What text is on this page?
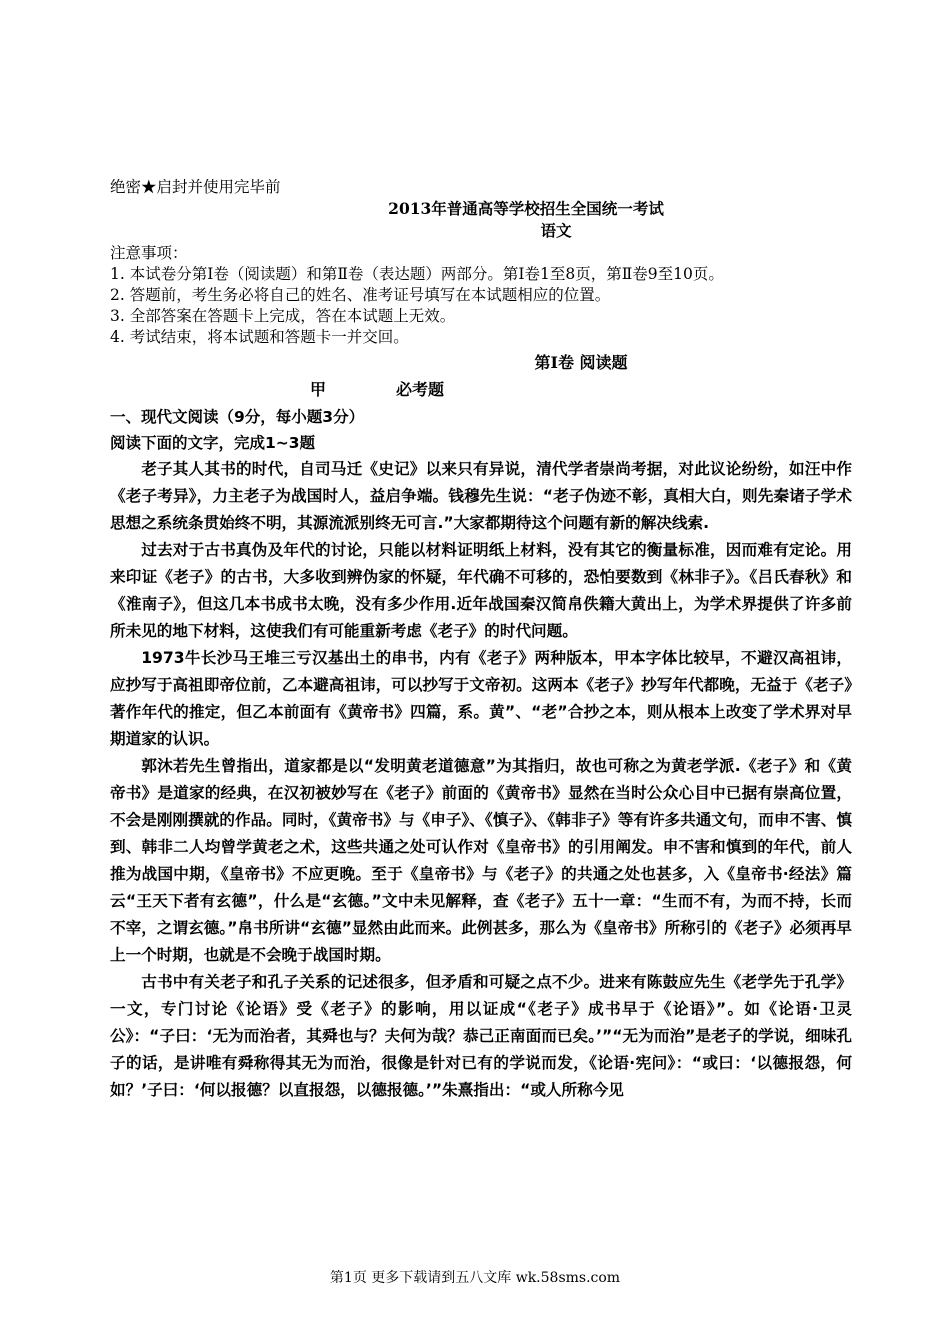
绝密★启封并使用完毕前
2013年普通高等学校招生全国统一考试
语文
注意事项：
1. 本试卷分第Ⅰ卷（阅读题）和第Ⅱ卷（表达题）两部分。第Ⅰ卷1至8页，第Ⅱ卷9至10页。
2. 答题前，考生务必将自己的姓名、准考证号填写在本试题相应的位置。
3. 全部答案在答题卡上完成，答在本试题上无效。
4. 考试结束，将本试题和答题卡一并交回。
第Ⅰ卷 阅读题
甲	必考题
一、现代文阅读（9分，每小题3分）
阅读下面的文字，完成1~3题

老子其人其书的时代，自司马迁《史记》以来只有异说，清代学者崇尚考据，对此议论纷纷，如汪中作《老子考异》，力主老子为战国时人，益启争端。钱穆先生说：“老子伪迹不彰，真相大白，则先秦诸子学术思想之系统条贯始终不明，其源流派别终无可言.”大家都期待这个问题有新的解决线索.

过去对于古书真伪及年代的讨论，只能以材料证明纸上材料，没有其它的衡量标准，因而难有定论。用来印证《老子》的古书，大多收到辨伪家的怀疑，年代确不可移的，恐怕要数到《林非子》。《吕氏春秋》和《淮南子》，但这几本书成书太晚，没有多少作用.近年战国秦汉简帛佚籍大黄出上，为学术界提供了许多前所未见的地下材料，这使我们有可能重新考虑《老子》的时代问题。

1973牛长沙马王堆三亏汉基出土的串书，内有《老子》两种版本，甲本字体比较早，不避汉高祖讳，应抄写于高祖即帝位前，乙本避高祖讳，可以抄写于文帝初。这两本《老子》抄写年代都晚，无益于《老子》著作年代的推定，但乙本前面有《黄帝书》四篇，系。黄”、“老”合抄之本，则从根本上改变了学术界对早期道家的认识。

郭沐若先生曾指出，道家都是以“发明黄老道德意”为其指归，故也可称之为黄老学派.《老子》和《黄帝书》是道家的经典，在汉初被妙写在《老子》前面的《黄帝书》显然在当时公众心目中已据有崇高位置，不会是刚刚撰就的作品。同时，《黄帝书》与《申子》、《慎子》、《韩非子》等有许多共通文句，而申不害、慎到、韩非二人均曾学黄老之术，这些共通之处可认作对《皇帝书》的引用阐发。申不害和慎到的年代，前人推为战国中期，《皇帝书》不应更晚。至于《皇帝书》与《老子》的共通之处也甚多，入《皇帝书·经法》篇云“王天下者有玄德”，什么是“玄德。”文中未见解释，查《老子》五十一章：“生而不有，为而不持，长而不宰，之谓玄德。”帛书所讲“玄德”显然由此而来。此例甚多，那么为《皇帝书》所称引的《老子》必须再早上一个时期，也就是不会晚于战国时期。

古书中有关老子和孔子关系的记述很多，但矛盾和可疑之点不少。进来有陈鼓应先生《老学先于孔学》一文，专门讨论《论语》受《老子》的影响，用以证成“《老子》成书早于《论语》”。如《论语·卫灵公》：“子曰：‘无为而治者，其舜也与？夫何为哉？恭己正南面而已矣。’”“无为而治”是老子的学说，细味孔子的话，是讲唯有舜称得其无为而治，很像是针对已有的学说而发，《论语·宪问》：“或曰：‘以德报怨，何如？’子曰：‘何以报德？以直报怨，以德报德。’”朱熹指出：“或人所称今见

第1页 更多下载请到五八文库 wk.58sms.com
